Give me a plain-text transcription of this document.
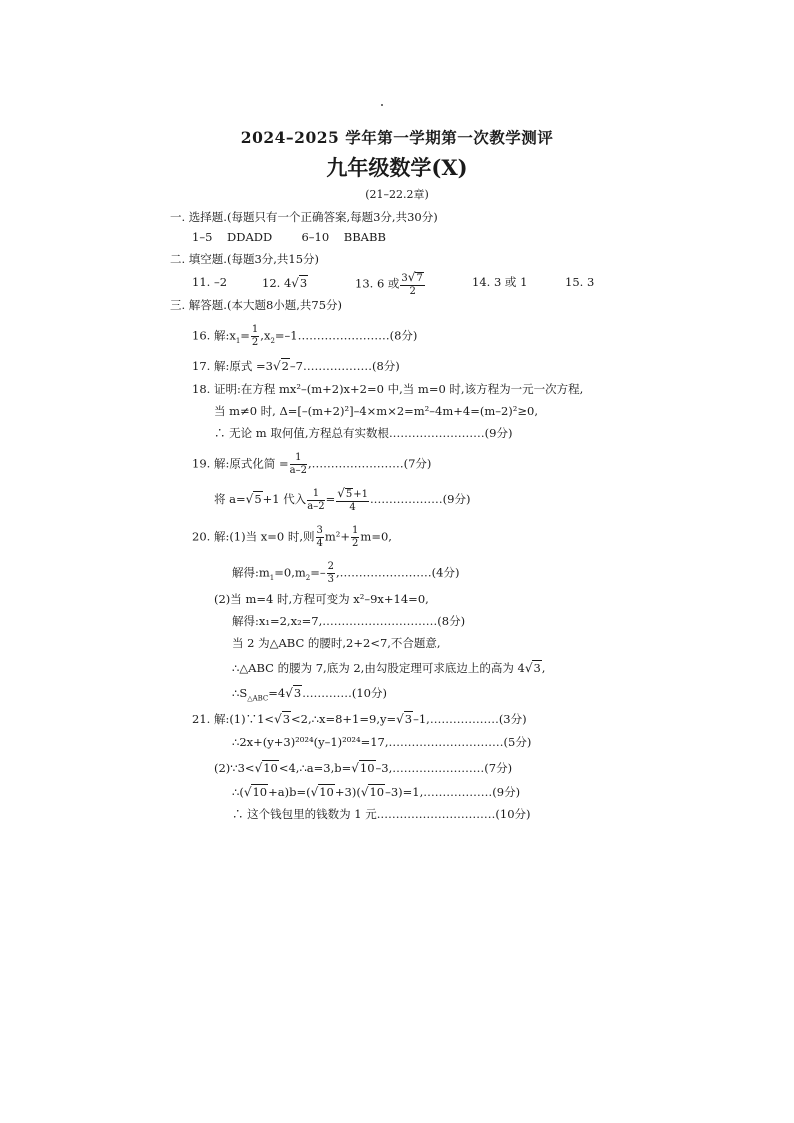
2024–2025 学年第一学期第一次教学测评
九年级数学(X)
(21–22.2章)
一. 选择题.(每题只有一个正确答案,每题3分,共30分)
1–5 DDADD	6–10 BBABB
二. 填空题.(每题3分,共15分)
11. –2	12. 4√3	13. 6 或 $\frac{3√7}{2}$	14. 3 或 1	15. 3
三. 解答题.(本大题8小题,共75分)
16. 解$:x_1= \frac{1}{2}$ $,x_2=-1\dots\dots\dots\dots\dots\dots\dots\dots(8$分)
17. 解:原式 =3√2–7………………(8分)
18. 证明:在方程 mx²–(m+2)x+2=0 中,当 m=0 时,该方程为一元一次方程,
当 m≠0 时, Δ=[–(m+2)²]–4×m×2=m²–4m+4=(m–2)²≥0,
∴ 无论 m 取何值,方程总有实数根.……………………(9分)
19. 解:原式化简 = $\frac{1}{a-2}$ ,……………………(7分)
将 a=√5+1 代入 $\frac{1}{a-2} = \frac{√5+1}{4}$ .………………(9分)
20. 解:(1)当 x=0 时,则 $\frac{3}{4} m^2+ \frac{1}{2} m=0$,
解得$:m_1=0,m_2=- \frac{2}{3}$ ,……………………(4分)
(2)当 m=4 时,方程可变为 x²–9x+14=0,
解得:x₁=2,x₂=7,…………………………(8分)
当 2 为△ABC 的腰时,2+2<7,不合题意,
∴△ABC 的腰为 7,底为 2,由勾股定理可求底边上的高为 4√3,
$\therefore S_{\triangle ABC}=4√3.\dots\dots\dots\dots(10$分)
21. 解:(1)∵1<√3<2,∴x=8+1=9,y=√3–1,………………(3分)
∴2x+(y+3)²⁰²⁴(y–1)²⁰²⁴=17,…………………………(5分)
(2)∵3<√10<4,∴a=3,b=√10–3,……………………(7分)
∴(√10+a)b=(√10+3)(√10–3)=1,………………(9分)
∴ 这个钱包里的钱数为 1 元.…………………………(10分)
